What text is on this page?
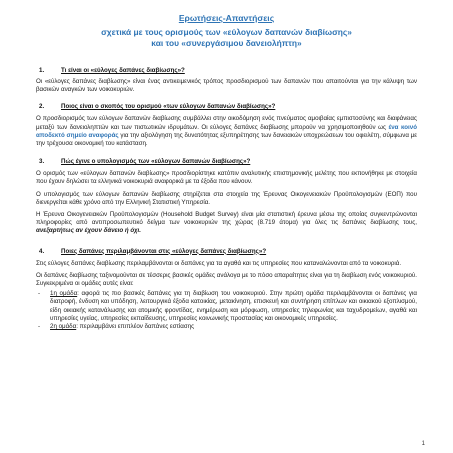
Ερωτήσεις-Απαντήσεις
σχετικά με τους ορισμούς των «εύλογων δαπανών διαβίωσης»
και του «συνεργάσιμου δανειολήπτη»
1.	Τι είναι οι «εύλογες δαπάνες διαβίωσης»?

Οι «εύλογες δαπάνες διαβίωσης» είναι ένας αντικειμενικός τρόπος προσδιορισμού των δαπανών που απαιτούνται για την κάλυψη των βασικών αναγκών των νοικοκυριών.

2.	Ποιος είναι ο σκοπός του ορισμού «των εύλογων δαπανών διαβίωσης»?

Ο προσδιορισμός των εύλογων δαπανών διαβίωσης συμβάλλει στην οικοδόμηση ενός πνεύματος αμοιβαίας εμπιστοσύνης και διαφάνειας μεταξύ των δανειοληπτών και των πιστωτικών ιδρυμάτων. Οι εύλογες δαπάνες διαβίωσης μπορούν να χρησιμοποιηθούν ως ένα κοινό αποδεκτό σημείο αναφοράς για την αξιολόγηση της δυνατότητας εξυπηρέτησης των δανειακών υποχρεώσεων του οφειλέτη, σύμφωνα με την τρέχουσα οικονομική του κατάσταση.

3.	Πώς έγινε ο υπολογισμός των «εύλογων δαπανών διαβίωσης»?

Ο ορισμός των «εύλογων δαπανών διαβίωσης» προσδιορίστηκε κατόπιν αναλυτικής επιστημονικής μελέτης που εκπονήθηκε με στοιχεία που έχουν δηλώσει τα ελληνικά νοικοκυριά αναφορικά με τα έξοδα που κάνουν.

Ο υπολογισμός των εύλογων δαπανών διαβίωσης στηρίζεται στα στοιχεία της Έρευνας Οικογενειακών Προϋπολογισμών (ΕΟΠ) που διενεργείται κάθε χρόνο από την Ελληνική Στατιστική Υπηρεσία.

Η Έρευνα Οικογενειακών Προϋπολογισμών (Household Budget Survey) είναι μία στατιστική έρευνα μέσω της οποίας συγκεντρώνονται πληροφορίες από αντιπροσωπευτικό δείγμα των νοικοκυριών της χώρας (8.719 άτομα) για όλες τις δαπάνες διαβίωσης τους, ανεξαρτήτως αν έχουν δάνειο ή όχι.

4.	Ποιες δαπάνες περιλαμβάνονται στις «εύλογες δαπάνες διαβίωσης»?

Στις εύλογες δαπάνες διαβίωσης περιλαμβάνονται οι δαπάνες για τα αγαθά και τις υπηρεσίες που καταναλώνονται από τα νοικοκυριά.

Οι δαπάνες διαβίωσης ταξινομούνται σε τέσσερις βασικές ομάδες ανάλογα με το πόσο απαραίτητες είναι για τη διαβίωση ενός νοικοκυριού. Συγκεκριμένα οι ομάδες αυτές είναι:

-	1η ομάδα: αφορά τις πιο βασικές δαπάνες για τη διαβίωση του νοικοκυριού. Στην πρώτη ομάδα περιλαμβάνονται οι δαπάνες για διατροφή, ένδυση και υπόδηση, λειτουργικά έξοδα κατοικίας, μετακίνηση, επισκευή και συντήρηση επίπλων και οικιακού εξοπλισμού, είδη οικιακής κατανάλωσης και ατομικής φροντίδας, ενημέρωση και μόρφωση, υπηρεσίες τηλεφωνίας και ταχυδρομείων, αγαθά και υπηρεσίες υγείας, υπηρεσίες εκπαίδευσης, υπηρεσίες κοινωνικής προστασίας και οικονομικές υπηρεσίες.
-	2η ομάδα: περιλαμβάνει επιπλέον δαπάνες εστίασης
1
